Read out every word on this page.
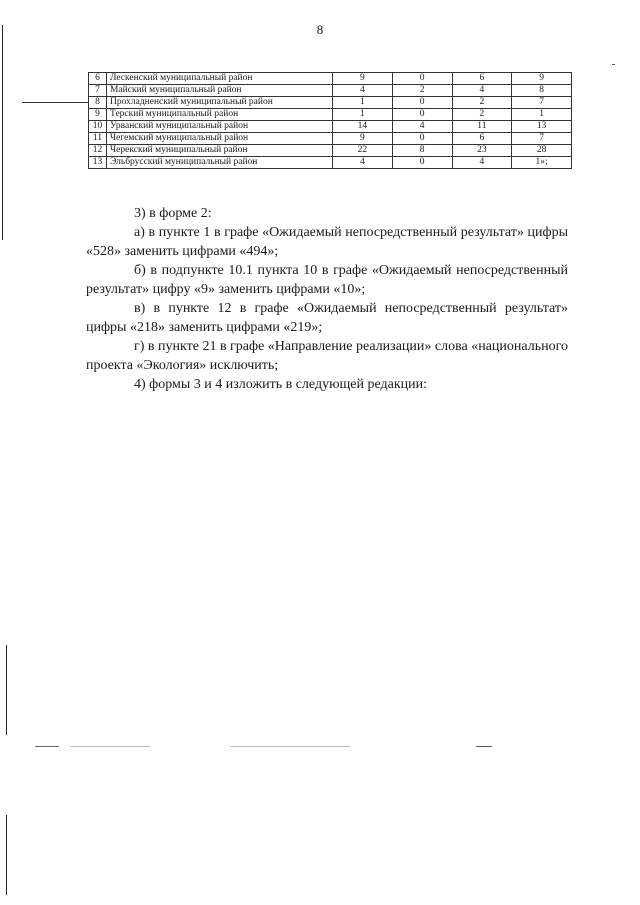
8
6	Лескенский муниципальный район	9	0	6	9
7	Майский муниципальный район	4	2	4	8
8	Прохладненский муниципальный район	1	0	2	7
9	Терский муниципальный район	1	0	2	1
10	Урванский муниципальный район	14	4	11	13
11	Чегемский муниципальный район	9	0	6	7
12	Черекский муниципальный район	22	8	23	28
13	Эльбрусский муниципальный район	4	0	4	1»;

3) в форме 2:

а) в пункте 1 в графе «Ожидаемый непосредственный результат» цифры «528» заменить цифрами «494»;

б) в подпункте 10.1 пункта 10 в графе «Ожидаемый непосредственный результат» цифру «9» заменить цифрами «10»;

в) в пункте 12 в графе «Ожидаемый непосредственный результат» цифры «218» заменить цифрами «219»;

г) в пункте 21 в графе «Направление реализации» слова «национального проекта «Экология» исключить;

4) формы 3 и 4 изложить в следующей редакции:
